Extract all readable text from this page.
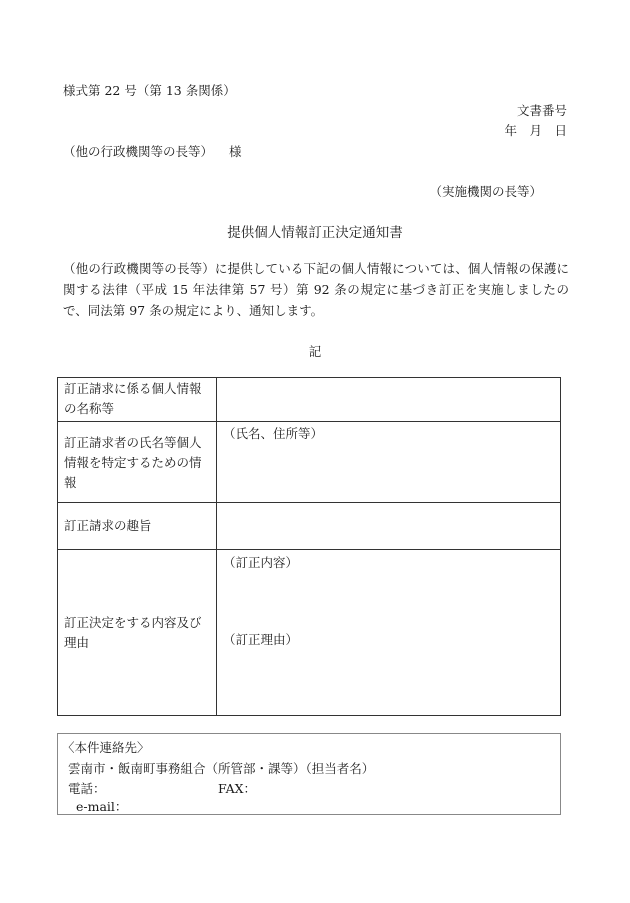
様式第 22 号（第 13 条関係）
文書番号
年　月　日
（他の行政機関等の長等） 様
（実施機関の長等）
提供個人情報訂正決定通知書
（他の行政機関等の長等）に提供している下記の個人情報については、個人情報の保護に関する法律（平成 15 年法律第 57 号）第 92 条の規定に基づき訂正を実施しましたので、同法第 97 条の規定により、通知します。
記
訂正請求に係る個人情報の名称等	
訂正請求者の氏名等個人情報を特定するための情報	（氏名、住所等）
訂正請求の趣旨	
訂正決定をする内容及び理由	（訂正内容）
（訂正理由）
〈本件連絡先〉
雲南市・飯南町事務組合（所管部・課等）（担当者名）
電話：	FAX：
e-mail：
